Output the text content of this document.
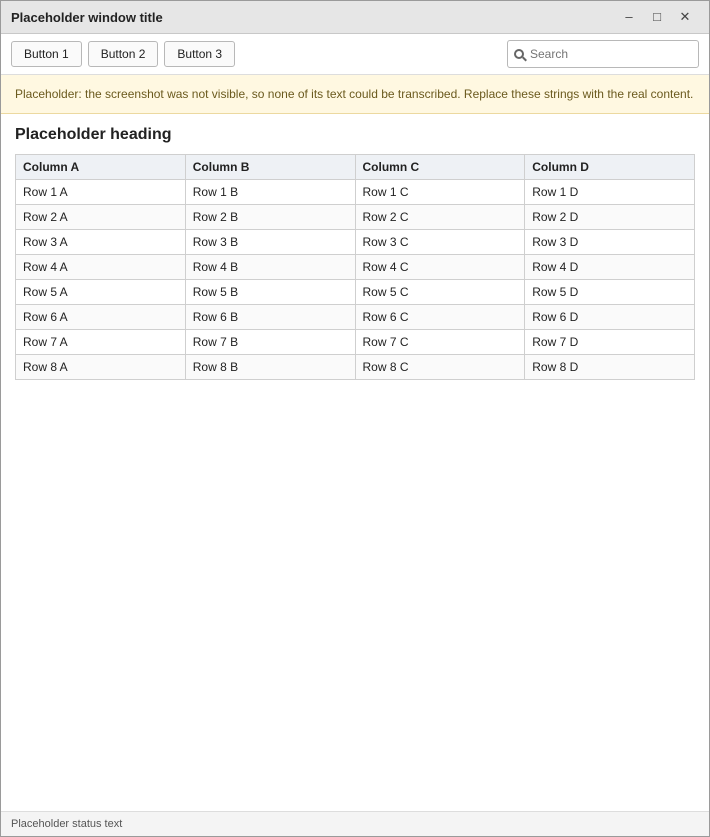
Placeholder window title	–	□	✕
Button 1	Button 2	Button 3
Search
Placeholder: the screenshot was not visible, so none of its text could be transcribed. Replace these strings with the real content.
Placeholder heading
Column A	Column B	Column C	Column D
Row 1 A	Row 1 B	Row 1 C	Row 1 D
Row 2 A	Row 2 B	Row 2 C	Row 2 D
Row 3 A	Row 3 B	Row 3 C	Row 3 D
Row 4 A	Row 4 B	Row 4 C	Row 4 D
Row 5 A	Row 5 B	Row 5 C	Row 5 D
Row 6 A	Row 6 B	Row 6 C	Row 6 D
Row 7 A	Row 7 B	Row 7 C	Row 7 D
Row 8 A	Row 8 B	Row 8 C	Row 8 D
Placeholder status text
